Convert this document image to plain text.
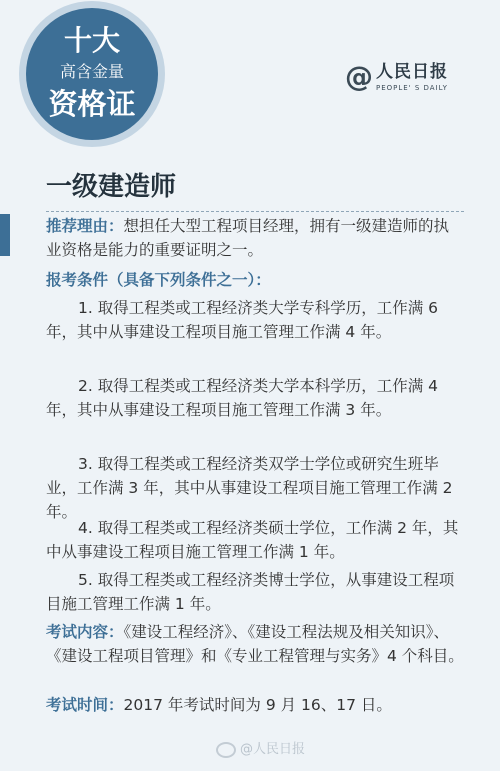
十大
高含金量
资格证
@ 人民日报
PEOPLE' S DAILY
一级建造师

推荐理由：想担任大型工程项目经理，拥有一级建造师的执业资格是能力的重要证明之一。

报考条件（具备下列条件之一）：

1. 取得工程类或工程经济类大学专科学历，工作满 6 年，其中从事建设工程项目施工管理工作满 4 年。

2. 取得工程类或工程经济类大学本科学历，工作满 4 年，其中从事建设工程项目施工管理工作满 3 年。

3. 取得工程类或工程经济类双学士学位或研究生班毕业，工作满 3 年，其中从事建设工程项目施工管理工作满 2 年。

4. 取得工程类或工程经济类硕士学位，工作满 2 年，其中从事建设工程项目施工管理工作满 1 年。

5. 取得工程类或工程经济类博士学位，从事建设工程项目施工管理工作满 1 年。

考试内容：《建设工程经济》、《建设工程法规及相关知识》、《建设工程项目管理》和《专业工程管理与实务》4 个科目。

考试时间：2017 年考试时间为 9 月 16、17 日。

@人民日报
